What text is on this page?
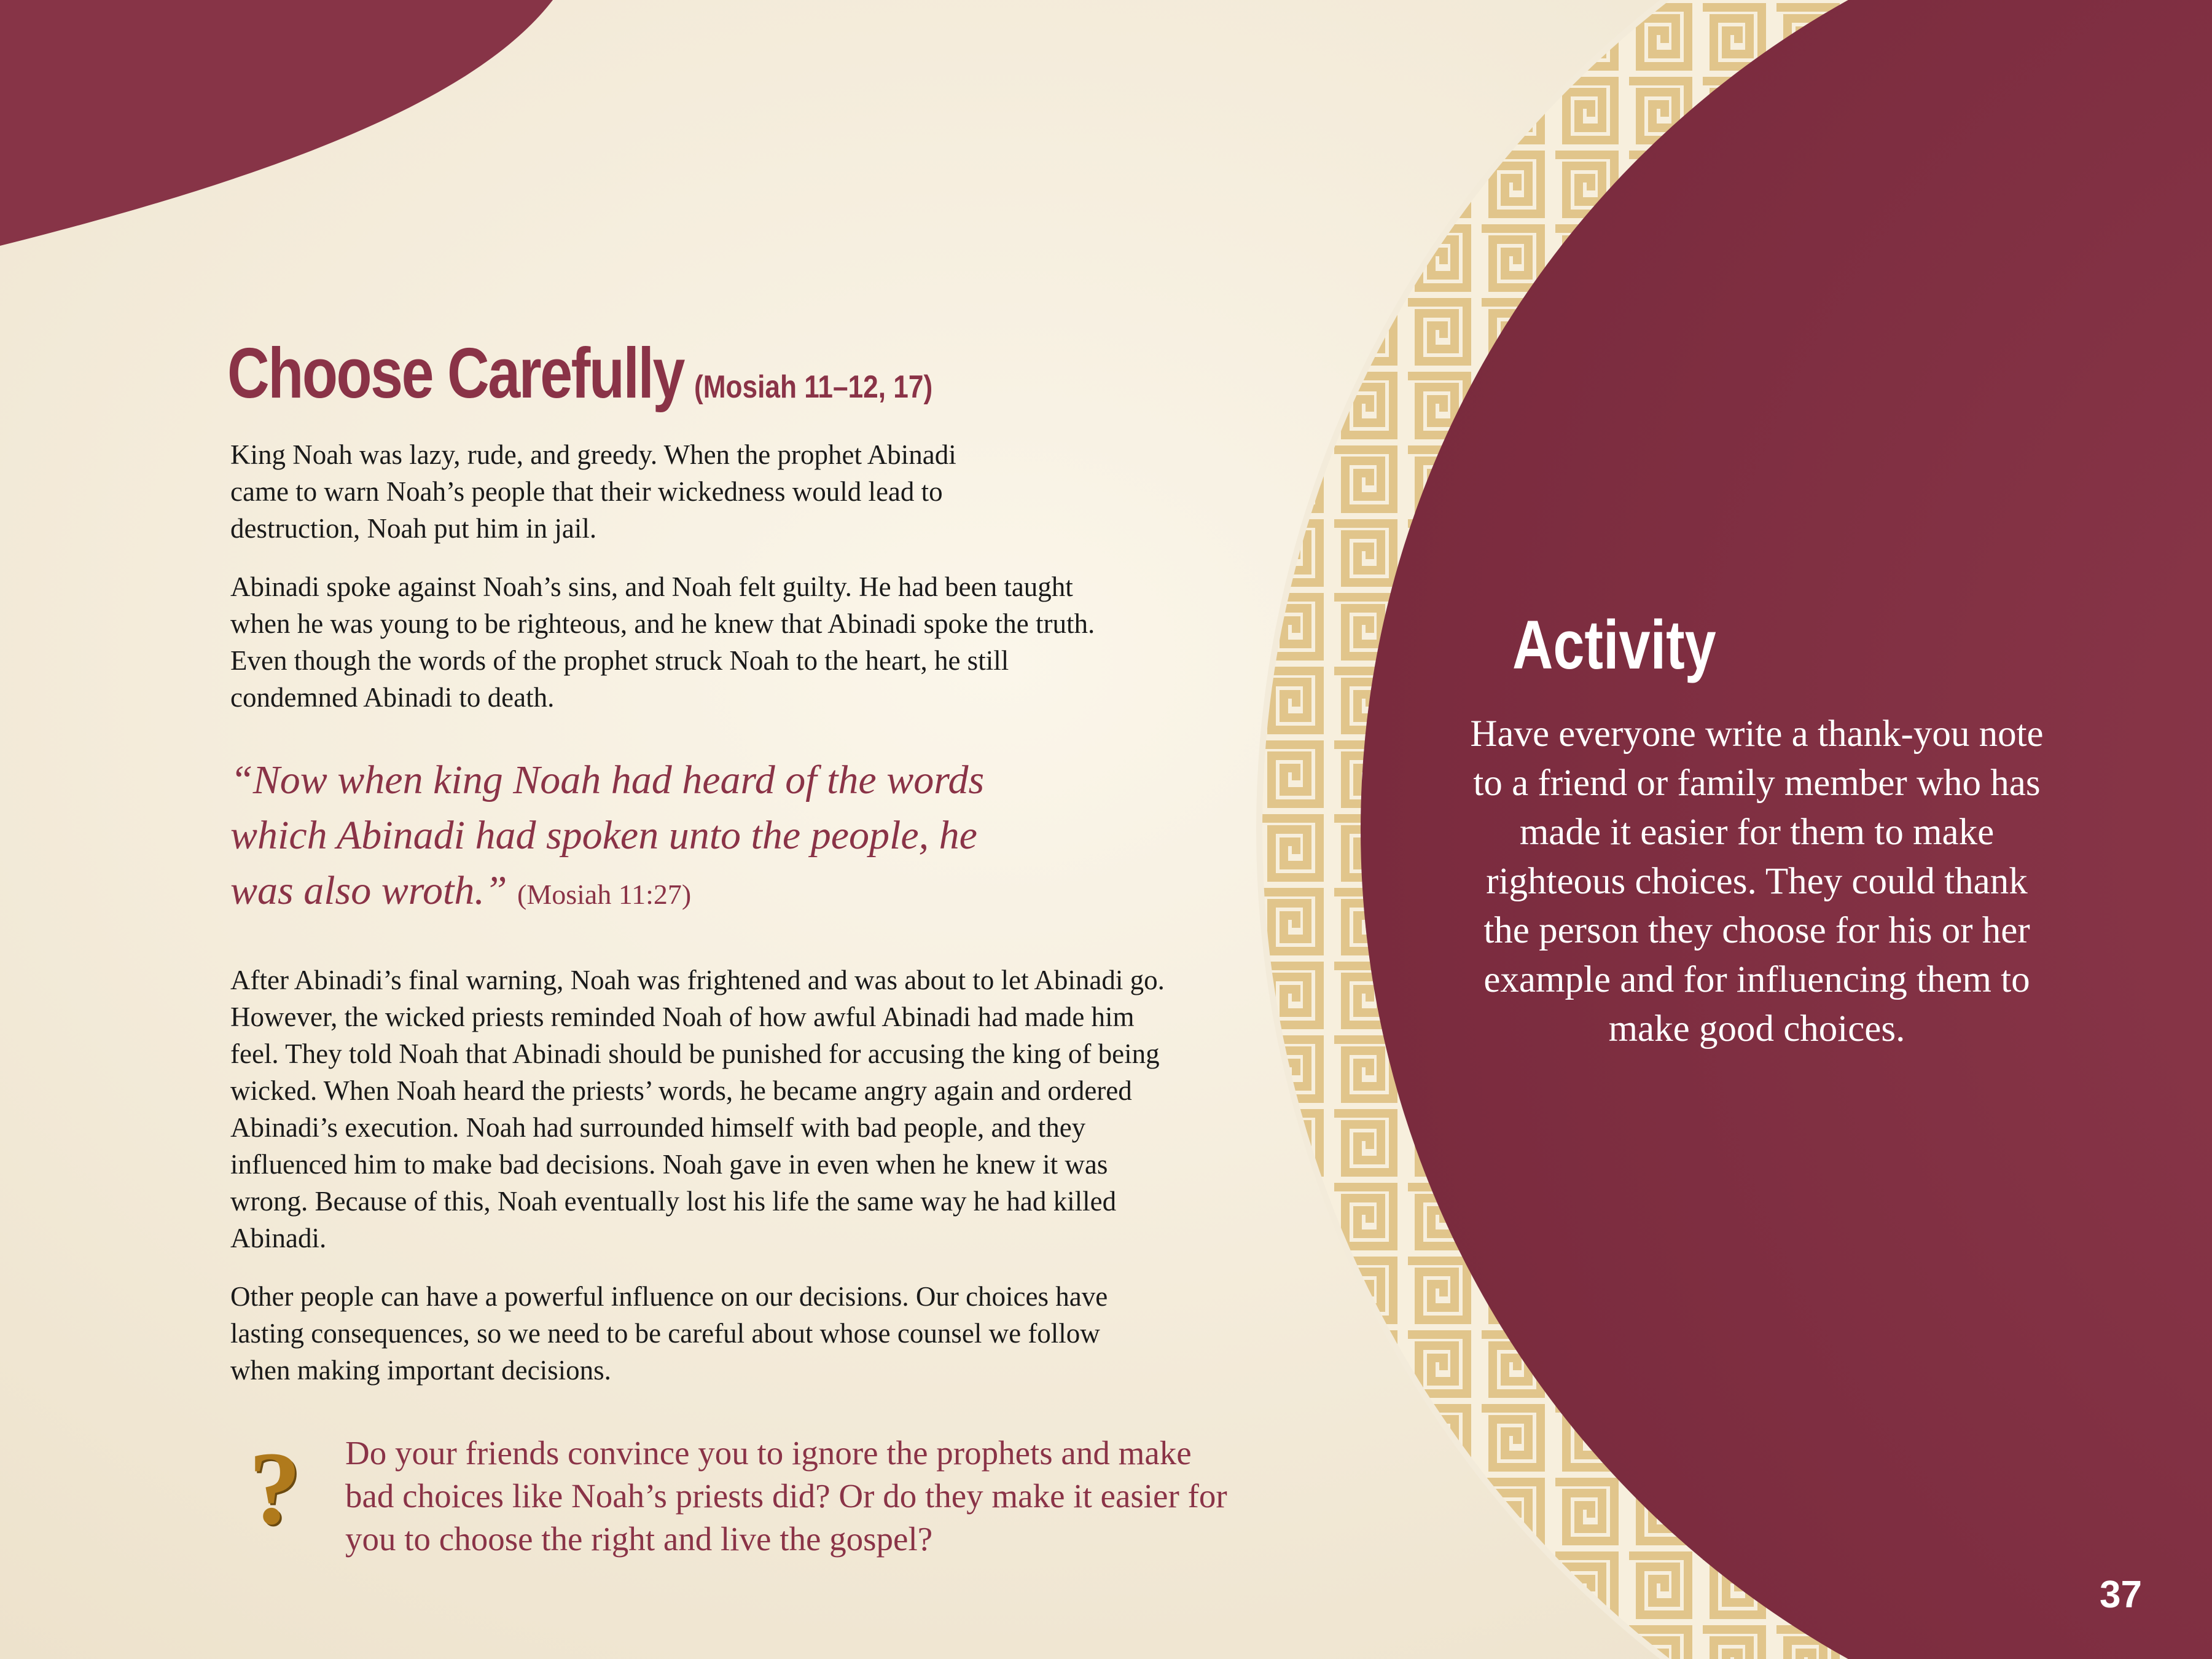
Choose Carefully (Mosiah 11–12, 17)

King Noah was lazy, rude, and greedy. When the prophet Abinadi came to warn Noah’s people that their wickedness would lead to destruction, Noah put him in jail.

Abinadi spoke against Noah’s sins, and Noah felt guilty. He had been taught when he was young to be righteous, and he knew that Abinadi spoke the truth. Even though the words of the prophet struck Noah to the heart, he still condemned Abinadi to death.

“Now when king Noah had heard of the words which Abinadi had spoken unto the people, he was also wroth.” (Mosiah 11:27)

After Abinadi’s final warning, Noah was frightened and was about to let Abinadi go. However, the wicked priests reminded Noah of how awful Abinadi had made him feel. They told Noah that Abinadi should be punished for accusing the king of being wicked. When Noah heard the priests’ words, he became angry again and ordered Abinadi’s execution. Noah had surrounded himself with bad people, and they influenced him to make bad decisions. Noah gave in even when he knew it was wrong. Because of this, Noah eventually lost his life the same way he had killed Abinadi.

Other people can have a powerful influence on our decisions. Our choices have lasting consequences, so we need to be careful about whose counsel we follow when making important decisions.

? Do your friends convince you to ignore the prophets and make bad choices like Noah’s priests did? Or do they make it easier for you to choose the right and live the gospel?

Activity

Have everyone write a thank-you note to a friend or family member who has made it easier for them to make righteous choices. They could thank the person they choose for his or her example and for influencing them to make good choices.

37
